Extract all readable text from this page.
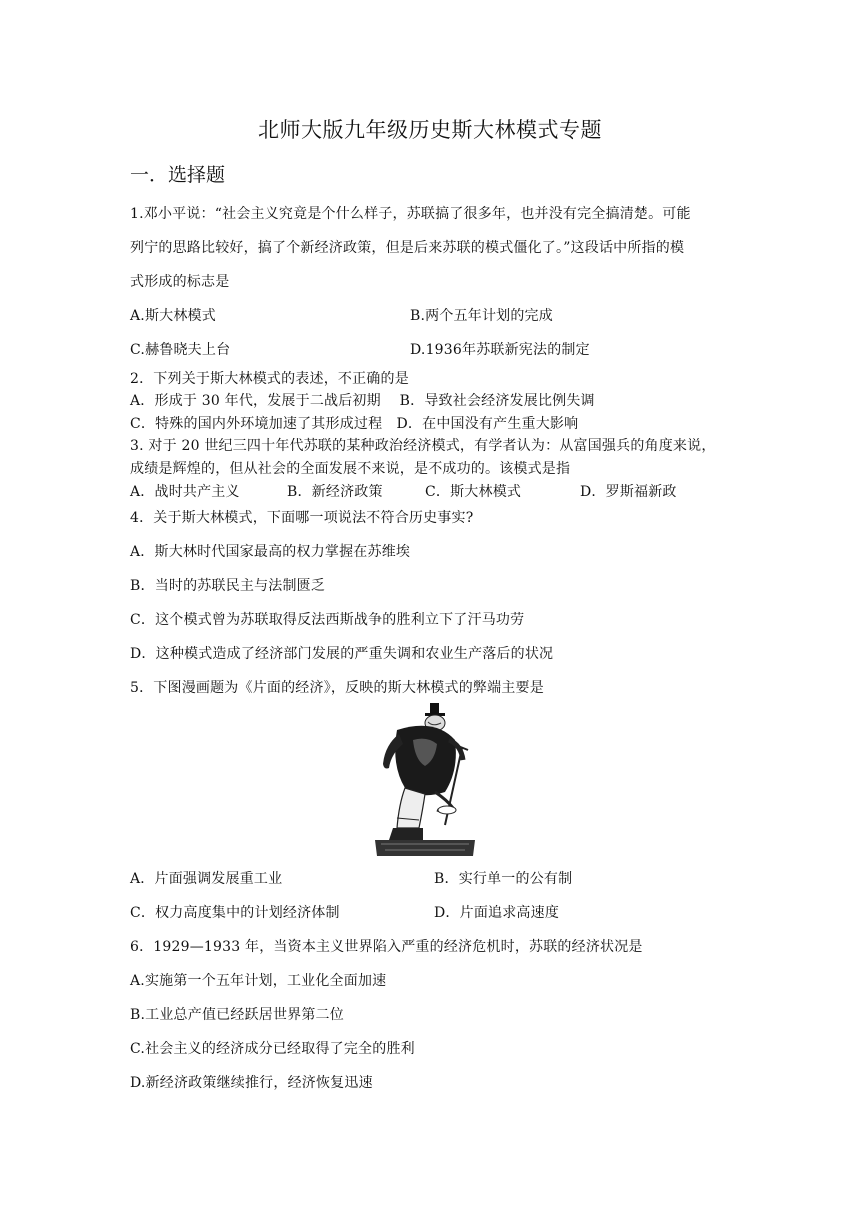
北师大版九年级历史斯大林模式专题
一．选择题
1.邓小平说：“社会主义究竟是个什么样子，苏联搞了很多年，也并没有完全搞清楚。可能
列宁的思路比较好，搞了个新经济政策，但是后来苏联的模式僵化了。”这段话中所指的模
式形成的标志是
A.斯大林模式	B.两个五年计划的完成
C.赫鲁晓夫上台	D.1936年苏联新宪法的制定
2．下列关于斯大林模式的表述，不正确的是
A．形成于 30 年代，发展于二战后初期　 B．导致社会经济发展比例失调
C．特殊的国内外环境加速了其形成过程　D．在中国没有产生重大影响
3. 对于 20 世纪三四十年代苏联的某种政治经济模式，有学者认为：从富国强兵的角度来说，
成绩是辉煌的，但从社会的全面发展不来说，是不成功的。该模式是指
A．战时共产主义	B．新经济政策	C．斯大林模式	D．罗斯福新政
4．关于斯大林模式，下面哪一项说法不符合历史事实?
A．斯大林时代国家最高的权力掌握在苏维埃
B．当时的苏联民主与法制匮乏
C．这个模式曾为苏联取得反法西斯战争的胜利立下了汗马功劳
D．这种模式造成了经济部门发展的严重失调和农业生产落后的状况
5．下图漫画题为《片面的经济》，反映的斯大林模式的弊端主要是
A．片面强调发展重工业	B．实行单一的公有制
C．权力高度集中的计划经济体制	D．片面追求高速度
6．1929—1933 年，当资本主义世界陷入严重的经济危机时，苏联的经济状况是
A.实施第一个五年计划，工业化全面加速
B.工业总产值已经跃居世界第二位
C.社会主义的经济成分已经取得了完全的胜利
D.新经济政策继续推行，经济恢复迅速
